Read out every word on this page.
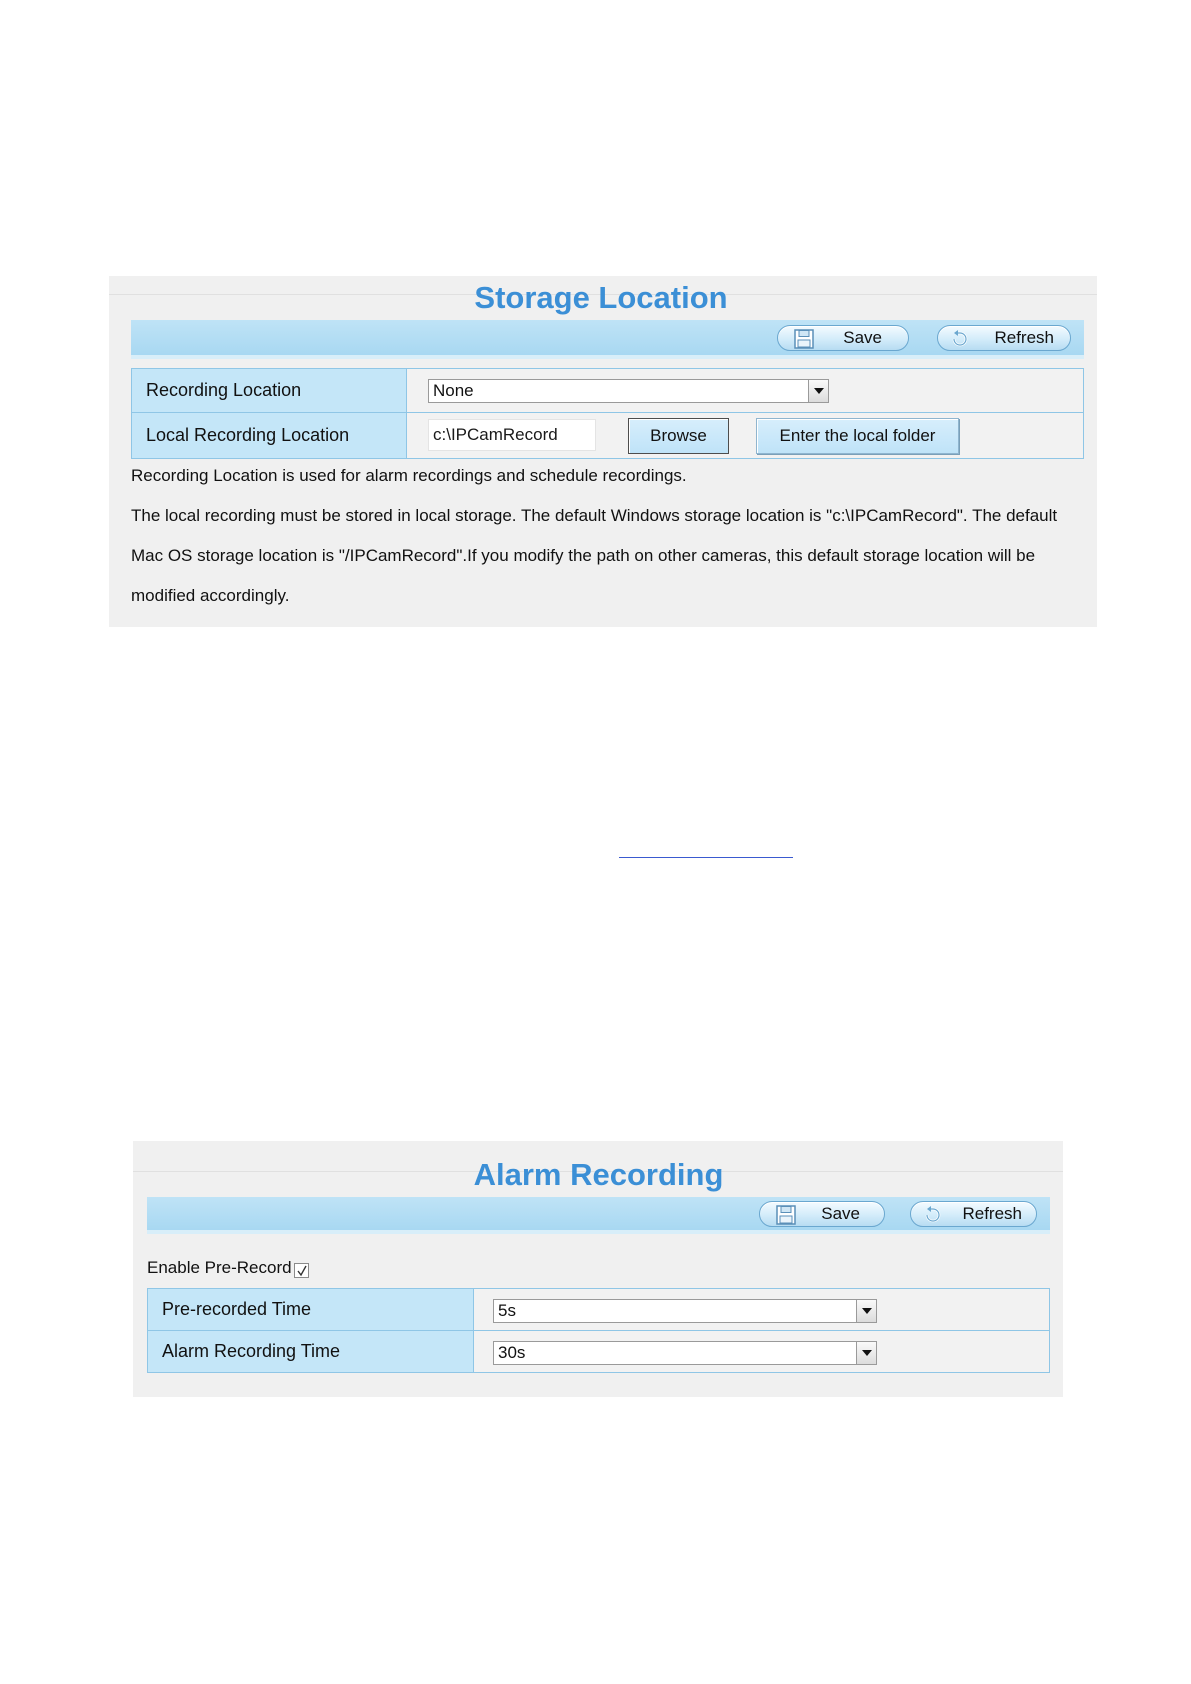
Storage Location
Save	Refresh
Recording Location	None

Local Recording Location	c:\IPCamRecord Browse Enter the local folder
Recording Location is used for alarm recordings and schedule recordings.
The local recording must be stored in local storage. The default Windows storage location is "c:\IPCamRecord". The default
Mac OS storage location is "/IPCamRecord".If you modify the path on other cameras, this default storage location will be
modified accordingly.
Alarm Recording
Save	Refresh
Enable Pre-Record
Pre-recorded Time	5s

Alarm Recording Time	30s
